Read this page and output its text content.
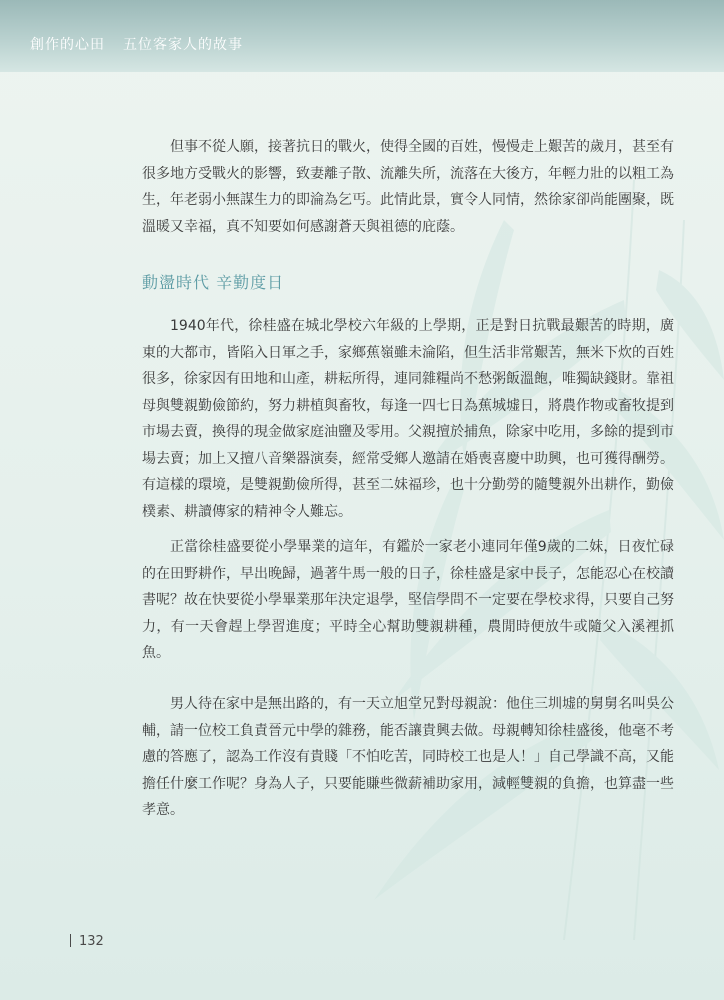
創作的心田 五位客家人的故事

但事不從人願，接著抗日的戰火，使得全國的百姓，慢慢走上艱苦的歲月，甚至有很多地方受戰火的影響，致妻離子散、流離失所，流落在大後方，年輕力壯的以粗工為生，年老弱小無謀生力的即淪為乞丐。此情此景，實令人同情，然徐家卻尚能團聚，既溫暖又幸福，真不知要如何感謝蒼天與祖德的庇蔭。

動盪時代 辛勤度日

1940年代，徐桂盛在城北學校六年級的上學期，正是對日抗戰最艱苦的時期，廣東的大都市，皆陷入日軍之手，家鄉蕉嶺雖未淪陷，但生活非常艱苦，無米下炊的百姓很多，徐家因有田地和山產，耕耘所得，連同雜糧尚不愁粥飯溫飽，唯獨缺錢財。靠祖母與雙親勤儉節約，努力耕植與畜牧，每逢一四七日為蕉城墟日，將農作物或畜牧提到市場去賣，換得的現金做家庭油鹽及零用。父親擅於捕魚，除家中吃用，多餘的提到市場去賣；加上又擅八音樂器演奏，經常受鄉人邀請在婚喪喜慶中助興，也可獲得酬勞。有這樣的環境，是雙親勤儉所得，甚至二妹福珍，也十分勤勞的隨雙親外出耕作，勤儉樸素、耕讀傳家的精神令人難忘。

正當徐桂盛要從小學畢業的這年，有鑑於一家老小連同年僅9歲的二妹，日夜忙碌的在田野耕作，早出晚歸，過著牛馬一般的日子，徐桂盛是家中長子，怎能忍心在校讀書呢？故在快要從小學畢業那年決定退學，堅信學問不一定要在學校求得，只要自己努力，有一天會趕上學習進度；平時全心幫助雙親耕種，農閒時便放牛或隨父入溪裡抓魚。

男人待在家中是無出路的，有一天立旭堂兄對母親說：他住三圳墟的舅舅名叫吳公輔，請一位校工負責晉元中學的雜務，能否讓貴興去做。母親轉知徐桂盛後，他毫不考慮的答應了，認為工作沒有貴賤「不怕吃苦，同時校工也是人！」自己學識不高，又能擔任什麼工作呢？身為人子，只要能賺些微薪補助家用，減輕雙親的負擔，也算盡一些孝意。

132
